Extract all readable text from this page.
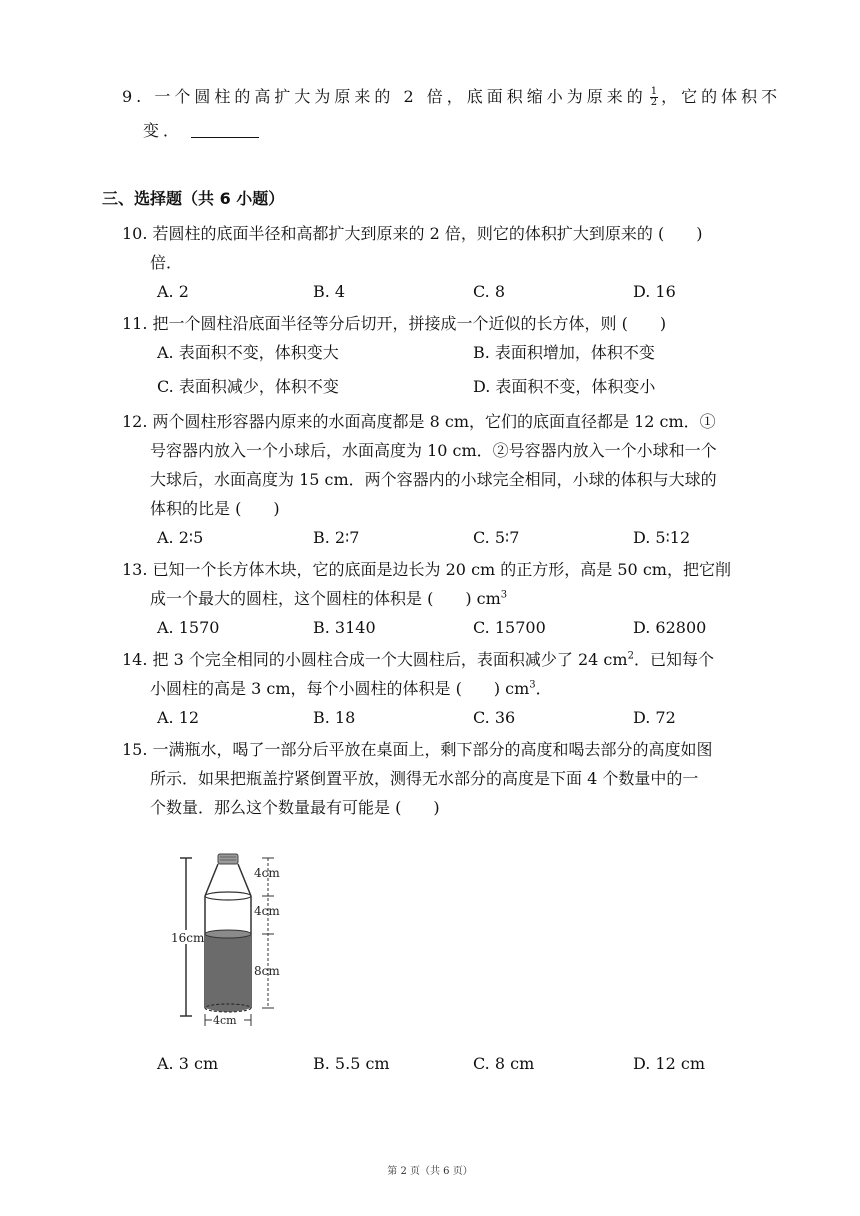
9. 一个圆柱的高扩大为原来的 2 倍，底面积缩小为原来的 $\frac{1}{2}$ ，它的体积不
变．
三、选择题（共 6 小题）
10. 若圆柱的底面半径和高都扩大到原来的 2 倍，则它的体积扩大到原来的 (  )
倍．
A. 2	B. 4	C. 8	D. 16
11. 把一个圆柱沿底面半径等分后切开，拼接成一个近似的长方体，则 (  )
A. 表面积不变，体积变大	B. 表面积增加，体积不变
C. 表面积减少，体积不变	D. 表面积不变，体积变小
12. 两个圆柱形容器内原来的水面高度都是 8 cm，它们的底面直径都是 12 cm．①
号容器内放入一个小球后，水面高度为 10 cm．②号容器内放入一个小球和一个
大球后，水面高度为 15 cm．两个容器内的小球完全相同，小球的体积与大球的
体积的比是 (  )
A. 2∶5	B. 2∶7	C. 5∶7	D. 5∶12
13. 已知一个长方体木块，它的底面是边长为 20 cm 的正方形，高是 50 cm，把它削
成一个最大的圆柱，这个圆柱的体积是 (  ) $cm^3$
A. 1570	B. 3140	C. 15700	D. 62800
14. 把 3 个完全相同的小圆柱合成一个大圆柱后，表面积减少了 24 $cm^2$．已知每个
小圆柱的高是 3 cm，每个小圆柱的体积是 (  ) $cm^3$．
A. 12	B. 18	C. 36	D. 72
15. 一满瓶水，喝了一部分后平放在桌面上，剩下部分的高度和喝去部分的高度如图
所示．如果把瓶盖拧紧倒置平放，测得无水部分的高度是下面 4 个数量中的一
个数量．那么这个数量最有可能是 (  )
16cm
4cm
4cm
8cm
4cm
A. 3 cm	B. 5.5 cm	C. 8 cm	D. 12 cm
第 2 页（共 6 页）
